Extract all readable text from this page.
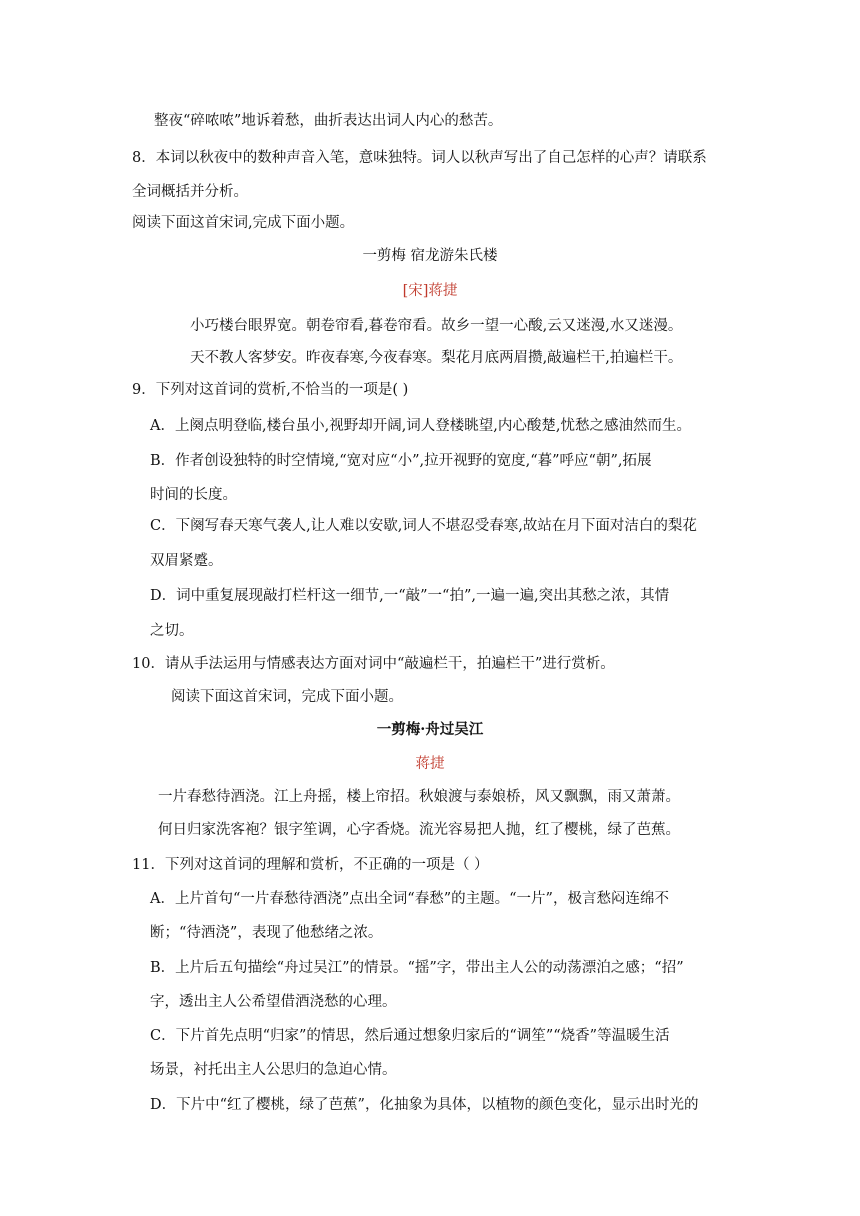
整夜“碎哝哝”地诉着愁，曲折表达出词人内心的愁苦。
8．本词以秋夜中的数种声音入笔，意味独特。词人以秋声写出了自己怎样的心声？请联系
全词概括并分析。
阅读下面这首宋词,完成下面小题。
一剪梅 宿龙游朱氏楼
[宋]蒋捷
小巧楼台眼界宽。朝卷帘看,暮卷帘看。故乡一望一心酸,云又迷漫,水又迷漫。
天不教人客梦安。昨夜春寒,今夜春寒。梨花月底两眉攒,敲遍栏干,拍遍栏干。
9．下列对这首词的赏析,不恰当的一项是( )
A．上阕点明登临,楼台虽小,视野却开阔,词人登楼眺望,内心酸楚,忧愁之感油然而生。
B．作者创设独特的时空情境,“宽对应“小”,拉开视野的宽度,“暮”呼应“朝”,拓展
时间的长度。
C．下阕写春天寒气袭人,让人难以安歇,词人不堪忍受春寒,故站在月下面对洁白的梨花
双眉紧蹙。
D．词中重复展现敲打栏杆这一细节,一“敲”一“拍”,一遍一遍,突出其愁之浓，其情
之切。
10．请从手法运用与情感表达方面对词中“敲遍栏干，拍遍栏干”进行赏析。
阅读下面这首宋词，完成下面小题。
一剪梅·舟过吴江
蒋捷
一片春愁待酒浇。江上舟摇，楼上帘招。秋娘渡与泰娘桥，风又飘飘，雨又萧萧。
何日归家洗客袍？银字笙调，心字香烧。流光容易把人抛，红了樱桃，绿了芭蕉。
11．下列对这首词的理解和赏析，不正确的一项是（ ）
A．上片首句“一片春愁待酒浇”点出全词“春愁”的主题。“一片”，极言愁闷连绵不
断；“待酒浇”，表现了他愁绪之浓。
B．上片后五句描绘“舟过吴江”的情景。“摇”字，带出主人公的动荡漂泊之感；“招”
字，透出主人公希望借酒浇愁的心理。
C．下片首先点明“归家”的情思，然后通过想象归家后的“调笙”“烧香”等温暖生活
场景，衬托出主人公思归的急迫心情。
D．下片中“红了樱桃，绿了芭蕉”，化抽象为具体，以植物的颜色变化，显示出时光的
